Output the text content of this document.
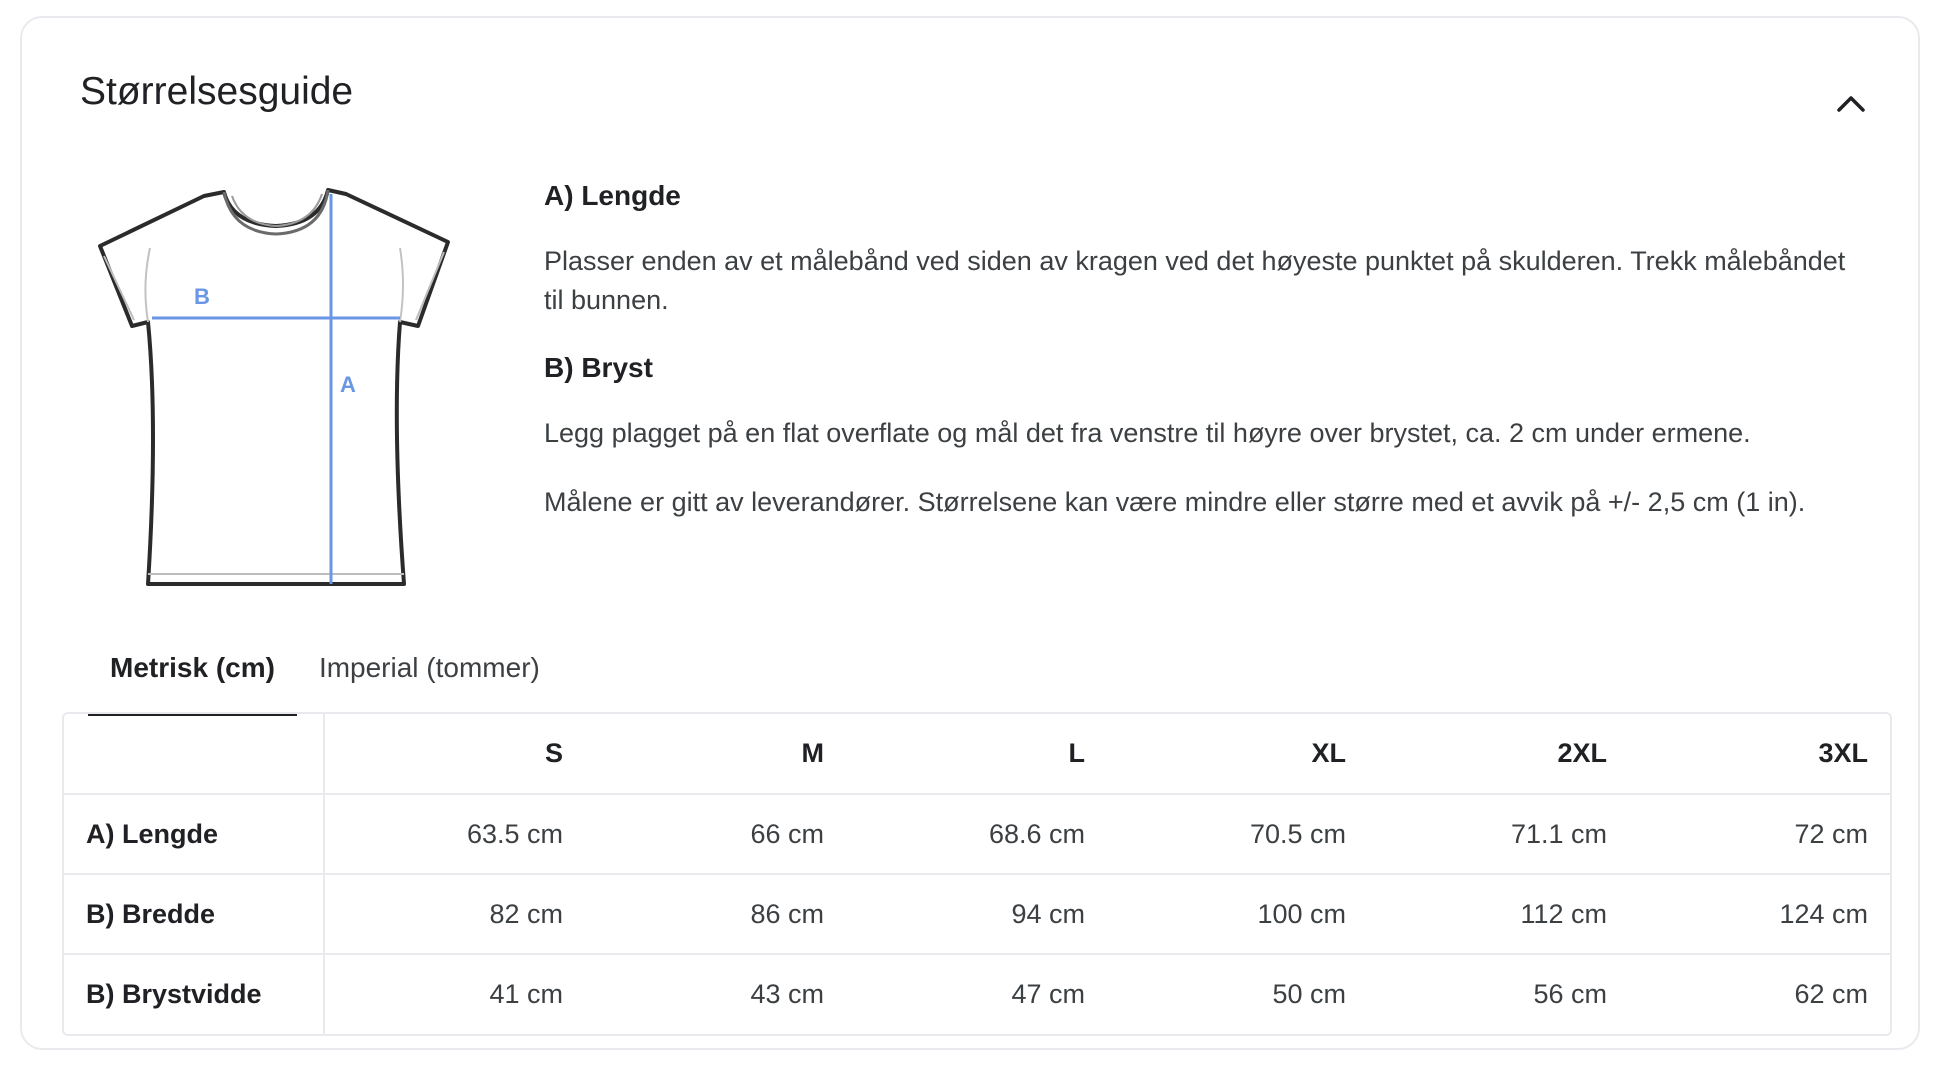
Størrelsesguide
B
A
A) Lengde

Plasser enden av et målebånd ved siden av kragen ved det høyeste punktet på skulderen. Trekk målebåndet til bunnen.

B) Bryst

Legg plagget på en flat overflate og mål det fra venstre til høyre over brystet, ca. 2 cm under ermene.

Målene er gitt av leverandører. Størrelsene kan være mindre eller større med et avvik på +/- 2,5 cm (1 in).

Metrisk (cm)	Imperial (tommer)
	S	M	L	XL	2XL	3XL
A) Lengde	63.5 cm	66 cm	68.6 cm	70.5 cm	71.1 cm	72 cm
B) Bredde	82 cm	86 cm	94 cm	100 cm	112 cm	124 cm
B) Brystvidde	41 cm	43 cm	47 cm	50 cm	56 cm	62 cm
